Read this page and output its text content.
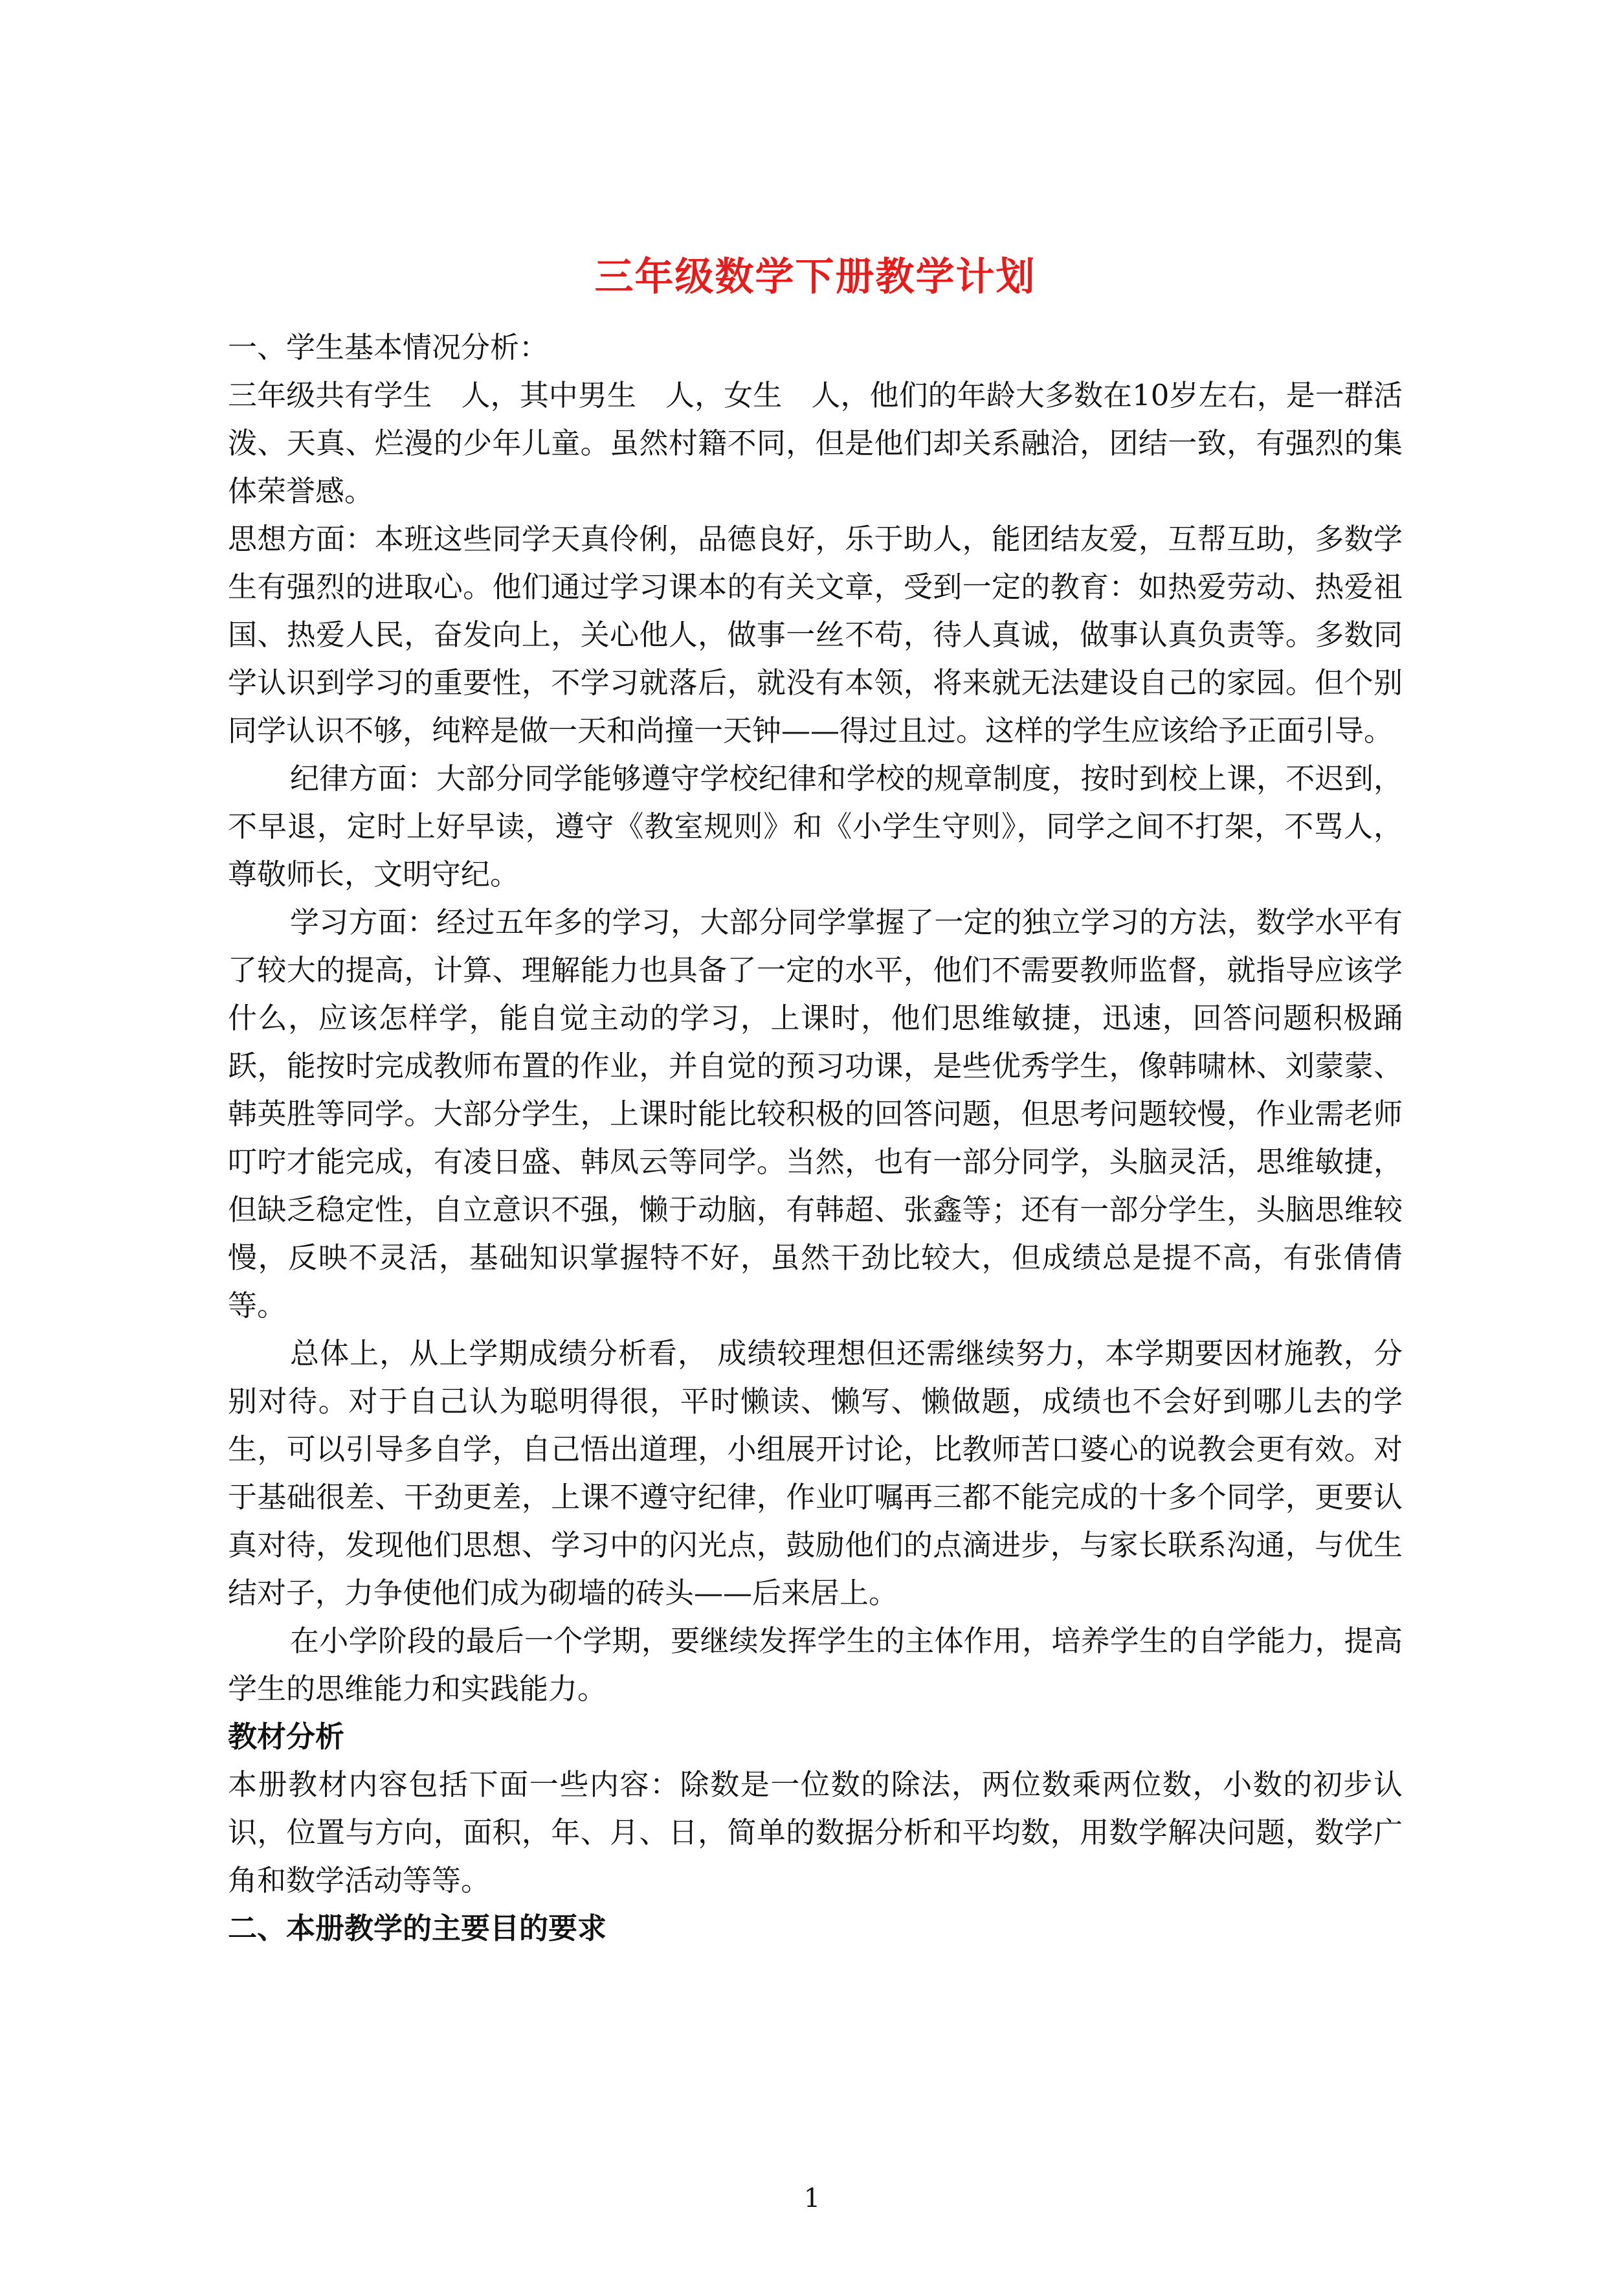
三年级数学下册教学计划

一、学生基本情况分析：

三年级共有学生　人，其中男生　人，女生　人，他们的年龄大多数在10岁左右，是一群活泼、天真、烂漫的少年儿童。虽然村籍不同，但是他们却关系融洽，团结一致，有强烈的集体荣誉感。

思想方面：本班这些同学天真伶俐，品德良好，乐于助人，能团结友爱，互帮互助，多数学生有强烈的进取心。他们通过学习课本的有关文章，受到一定的教育：如热爱劳动、热爱祖国、热爱人民，奋发向上，关心他人，做事一丝不苟，待人真诚，做事认真负责等。多数同学认识到学习的重要性，不学习就落后，就没有本领，将来就无法建设自己的家园。但个别同学认识不够，纯粹是做一天和尚撞一天钟——得过且过。这样的学生应该给予正面引导。

纪律方面：大部分同学能够遵守学校纪律和学校的规章制度，按时到校上课，不迟到，不早退，定时上好早读，遵守《教室规则》和《小学生守则》，同学之间不打架，不骂人，尊敬师长，文明守纪。

学习方面：经过五年多的学习，大部分同学掌握了一定的独立学习的方法，数学水平有了较大的提高，计算、理解能力也具备了一定的水平，他们不需要教师监督，就指导应该学什么，应该怎样学，能自觉主动的学习，上课时，他们思维敏捷，迅速，回答问题积极踊跃，能按时完成教师布置的作业，并自觉的预习功课，是些优秀学生，像韩啸林、刘蒙蒙、韩英胜等同学。大部分学生，上课时能比较积极的回答问题，但思考问题较慢，作业需老师叮咛才能完成，有凌日盛、韩凤云等同学。当然，也有一部分同学，头脑灵活，思维敏捷，但缺乏稳定性，自立意识不强，懒于动脑，有韩超、张鑫等；还有一部分学生，头脑思维较慢，反映不灵活，基础知识掌握特不好，虽然干劲比较大，但成绩总是提不高，有张倩倩等。

总体上，从上学期成绩分析看， 成绩较理想但还需继续努力，本学期要因材施教，分别对待。对于自己认为聪明得很，平时懒读、懒写、懒做题，成绩也不会好到哪儿去的学生，可以引导多自学，自己悟出道理，小组展开讨论，比教师苦口婆心的说教会更有效。对于基础很差、干劲更差，上课不遵守纪律，作业叮嘱再三都不能完成的十多个同学，更要认真对待，发现他们思想、学习中的闪光点，鼓励他们的点滴进步，与家长联系沟通，与优生结对子，力争使他们成为砌墙的砖头——后来居上。

在小学阶段的最后一个学期，要继续发挥学生的主体作用，培养学生的自学能力，提高学生的思维能力和实践能力。

教材分析

本册教材内容包括下面一些内容：除数是一位数的除法，两位数乘两位数，小数的初步认识，位置与方向，面积，年、月、日，简单的数据分析和平均数，用数学解决问题，数学广角和数学活动等等。

二、本册教学的主要目的要求

1
